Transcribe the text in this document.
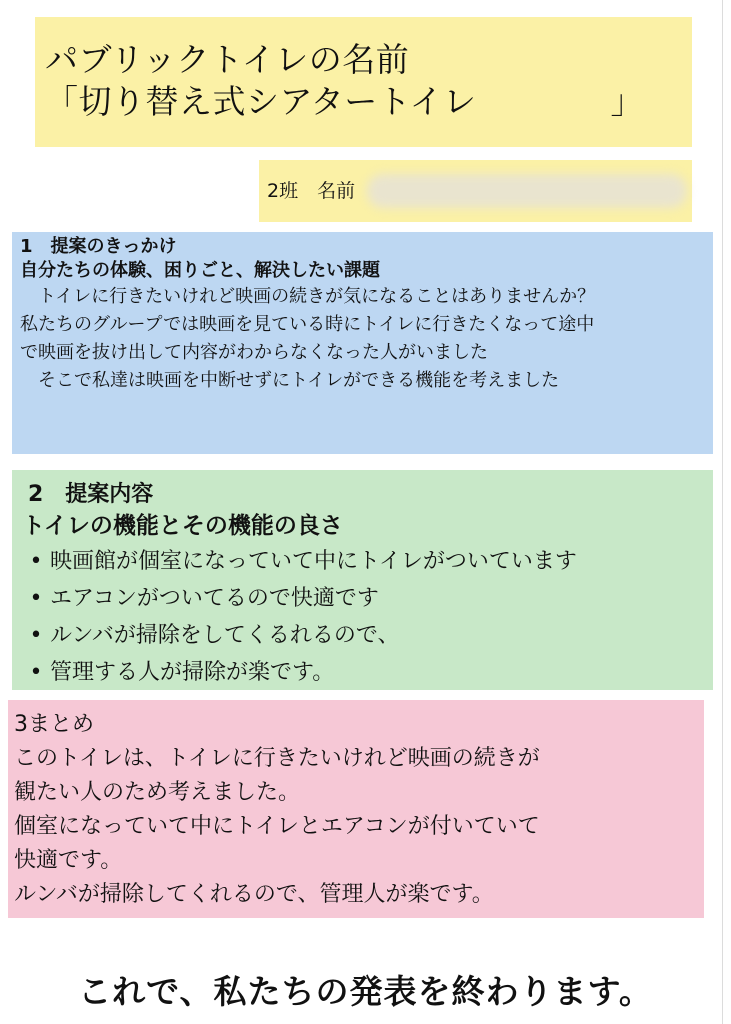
パブリックトイレの名前
「切り替え式シアタートイレ　　　　」
2班　名前
1　提案のきっかけ
自分たちの体験、困りごと、解決したい課題
　トイレに行きたいけれど映画の続きが気になることはありませんか？
私たちのグループでは映画を見ている時にトイレに行きたくなって途中
で映画を抜け出して内容がわからなくなった人がいました
　そこで私達は映画を中断せずにトイレができる機能を考えました
2　提案内容
トイレの機能とその機能の良さ
• 映画館が個室になっていて中にトイレがついています
• エアコンがついてるので快適です
• ルンバが掃除をしてくるれるので、
• 管理する人が掃除が楽です。
3まとめ
このトイレは、トイレに行きたいけれど映画の続きが
観たい人のため考えました。
個室になっていて中にトイレとエアコンが付いていて
快適です。
ルンバが掃除してくれるので、管理人が楽です。
これで、私たちの発表を終わります。
